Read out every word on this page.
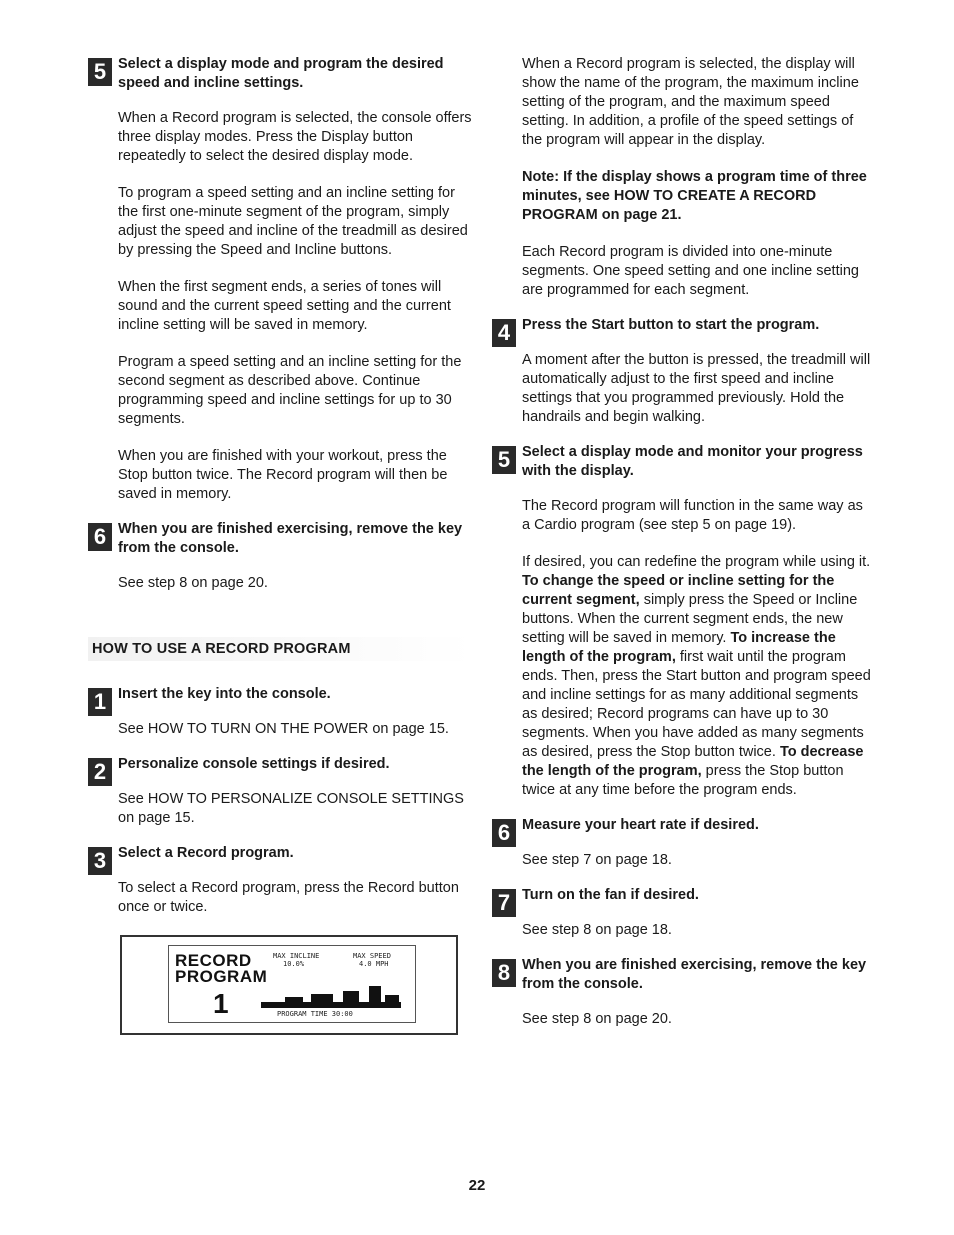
5 Select a display mode and program the desired speed and incline settings.

When a Record program is selected, the console offers three display modes. Press the Display button repeatedly to select the desired display mode.

To program a speed setting and an incline setting for the first one-minute segment of the program, simply adjust the speed and incline of the treadmill as desired by pressing the Speed and Incline buttons.

When the first segment ends, a series of tones will sound and the current speed setting and the current incline setting will be saved in memory.

Program a speed setting and an incline setting for the second segment as described above. Continue programming speed and incline settings for up to 30 segments.

When you are finished with your workout, press the Stop button twice. The Record program will then be saved in memory.

6 When you are finished exercising, remove the key from the console.

See step 8 on page 20.

HOW TO USE A RECORD PROGRAM
1 Insert the key into the console.

See HOW TO TURN ON THE POWER on page 15.

2 Personalize console settings if desired.

See HOW TO PERSONALIZE CONSOLE SETTINGS on page 15.

3 Select a Record program.

To select a Record program, press the Record button once or twice.

RECORD
PROGRAM
MAX INCLINE
10.0%
MAX SPEED
4.0 MPH
1	PROGRAM TIME 30:00

When a Record program is selected, the display will show the name of the program, the maximum incline setting of the program, and the maximum speed setting. In addition, a profile of the speed settings of the program will appear in the display.

Note: If the display shows a program time of three minutes, see HOW TO CREATE A RECORD PROGRAM on page 21.

Each Record program is divided into one-minute segments. One speed setting and one incline setting are programmed for each segment.

4 Press the Start button to start the program.

A moment after the button is pressed, the treadmill will automatically adjust to the first speed and incline settings that you programmed previously. Hold the handrails and begin walking.

5 Select a display mode and monitor your progress with the display.

The Record program will function in the same way as a Cardio program (see step 5 on page 19).

If desired, you can redefine the program while using it. To change the speed or incline setting for the current segment, simply press the Speed or Incline buttons. When the current segment ends, the new setting will be saved in memory. To increase the length of the program, first wait until the program ends. Then, press the Start button and program speed and incline settings for as many additional segments as desired; Record programs can have up to 30 segments. When you have added as many segments as desired, press the Stop button twice. To decrease the length of the program, press the Stop button twice at any time before the program ends.

6 Measure your heart rate if desired.

See step 7 on page 18.

7 Turn on the fan if desired.

See step 8 on page 18.

8 When you are finished exercising, remove the key from the console.

See step 8 on page 20.

22
